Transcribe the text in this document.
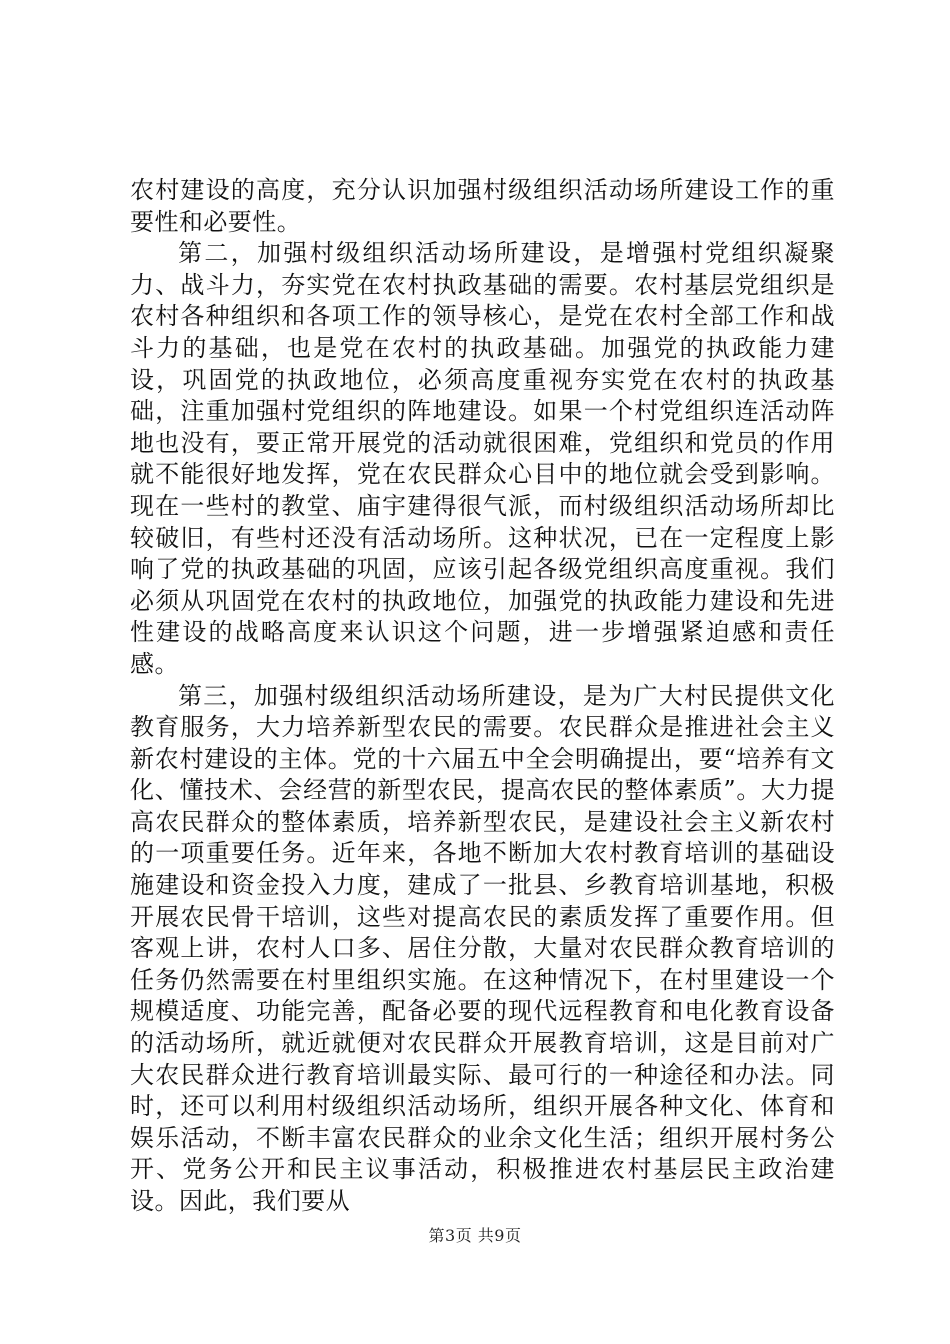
农村建设的高度，充分认识加强村级组织活动场所建设工作的重要性和必要性。

第二，加强村级组织活动场所建设，是增强村党组织凝聚力、战斗力，夯实党在农村执政基础的需要。农村基层党组织是农村各种组织和各项工作的领导核心，是党在农村全部工作和战斗力的基础，也是党在农村的执政基础。加强党的执政能力建设，巩固党的执政地位，必须高度重视夯实党在农村的执政基础，注重加强村党组织的阵地建设。如果一个村党组织连活动阵地也没有，要正常开展党的活动就很困难，党组织和党员的作用就不能很好地发挥，党在农民群众心目中的地位就会受到影响。现在一些村的教堂、庙宇建得很气派，而村级组织活动场所却比较破旧，有些村还没有活动场所。这种状况，已在一定程度上影响了党的执政基础的巩固，应该引起各级党组织高度重视。我们必须从巩固党在农村的执政地位，加强党的执政能力建设和先进性建设的战略高度来认识这个问题，进一步增强紧迫感和责任感。

第三，加强村级组织活动场所建设，是为广大村民提供文化教育服务，大力培养新型农民的需要。农民群众是推进社会主义新农村建设的主体。党的十六届五中全会明确提出，要“培养有文化、懂技术、会经营的新型农民，提高农民的整体素质”。大力提高农民群众的整体素质，培养新型农民，是建设社会主义新农村的一项重要任务。近年来，各地不断加大农村教育培训的基础设施建设和资金投入力度，建成了一批县、乡教育培训基地，积极开展农民骨干培训，这些对提高农民的素质发挥了重要作用。但客观上讲，农村人口多、居住分散，大量对农民群众教育培训的任务仍然需要在村里组织实施。在这种情况下，在村里建设一个规模适度、功能完善，配备必要的现代远程教育和电化教育设备的活动场所，就近就便对农民群众开展教育培训，这是目前对广大农民群众进行教育培训最实际、最可行的一种途径和办法。同时，还可以利用村级组织活动场所，组织开展各种文化、体育和娱乐活动，不断丰富农民群众的业余文化生活；组织开展村务公开、党务公开和民主议事活动，积极推进农村基层民主政治建设。因此，我们要从

第3页 共9页
